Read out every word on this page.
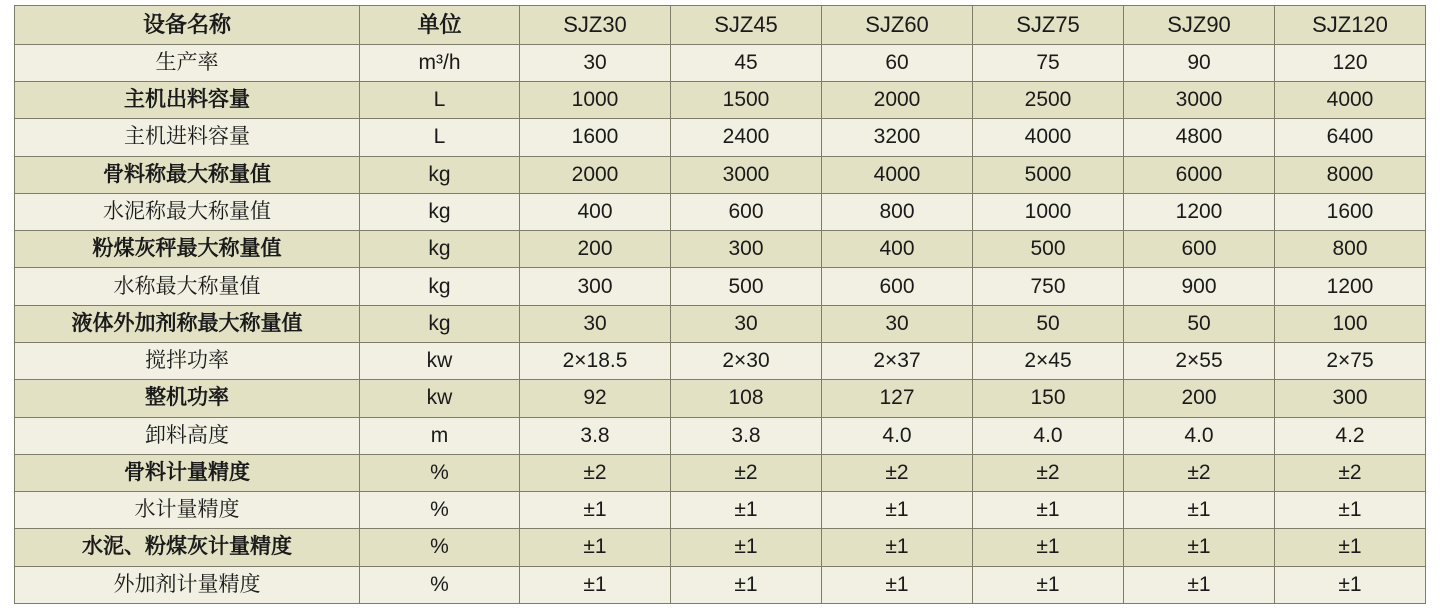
设备名称	单位	SJZ30	SJZ45	SJZ60	SJZ75	SJZ90	SJZ120
生产率	m³/h	30	45	60	75	90	120
主机出料容量	L	1000	1500	2000	2500	3000	4000
主机进料容量	L	1600	2400	3200	4000	4800	6400
骨料称最大称量值	kg	2000	3000	4000	5000	6000	8000
水泥称最大称量值	kg	400	600	800	1000	1200	1600
粉煤灰秤最大称量值	kg	200	300	400	500	600	800
水称最大称量值	kg	300	500	600	750	900	1200
液体外加剂称最大称量值	kg	30	30	30	50	50	100
搅拌功率	kw	2×18.5	2×30	2×37	2×45	2×55	2×75
整机功率	kw	92	108	127	150	200	300
卸料高度	m	3.8	3.8	4.0	4.0	4.0	4.2
骨料计量精度	%	±2	±2	±2	±2	±2	±2
水计量精度	%	±1	±1	±1	±1	±1	±1
水泥、粉煤灰计量精度	%	±1	±1	±1	±1	±1	±1
外加剂计量精度	%	±1	±1	±1	±1	±1	±1
